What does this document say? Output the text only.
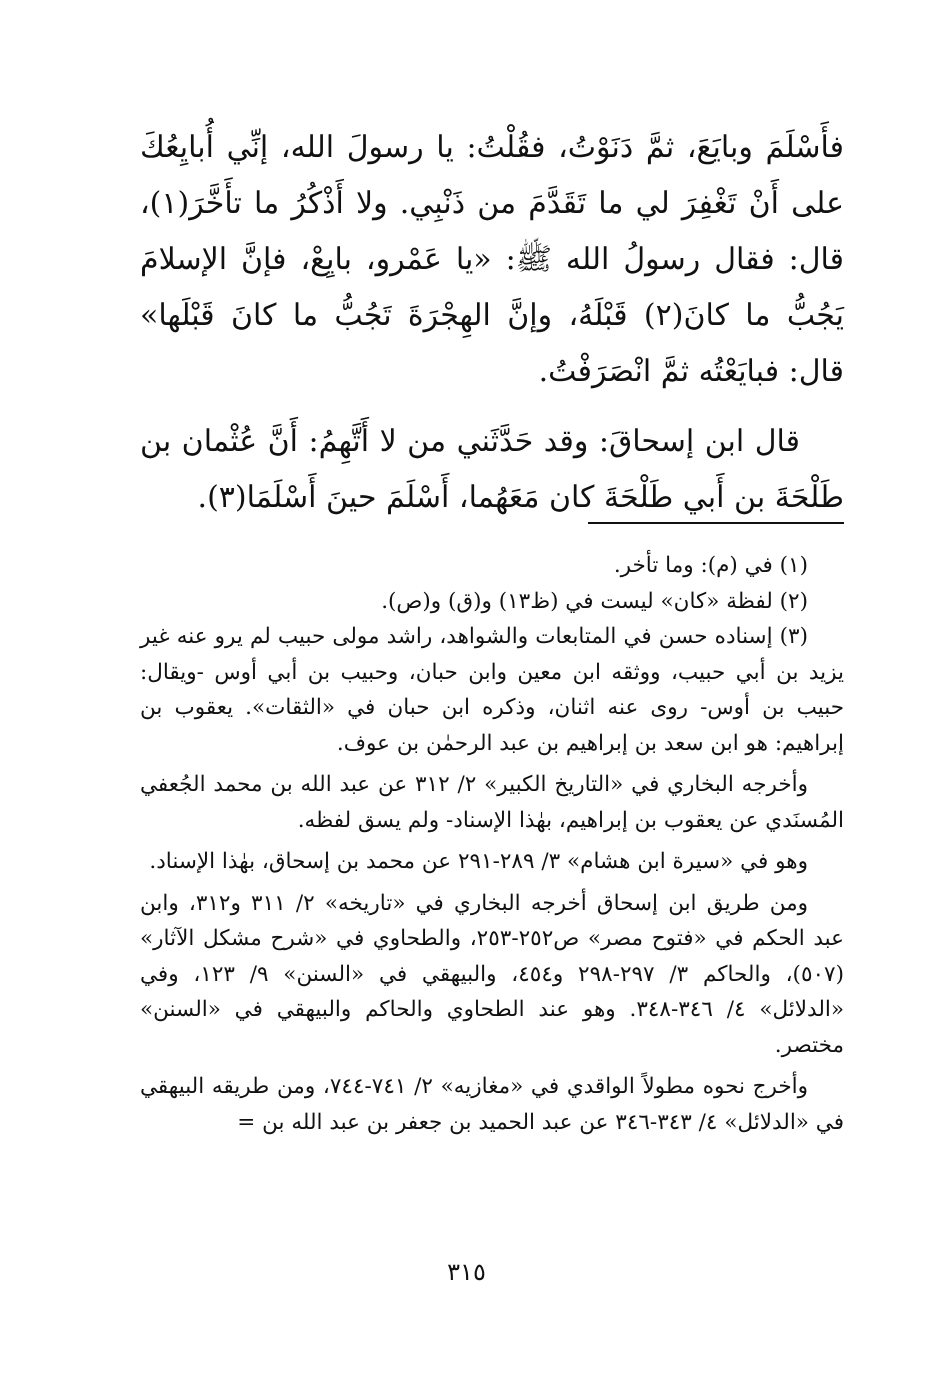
فأَسْلَمَ وبايَعَ، ثمَّ دَنَوْتُ، فقُلْتُ: يا رسولَ الله، إنِّي أُبايِعُكَ على أَنْ تَغْفِرَ لي ما تَقَدَّمَ من ذَنْبِي. ولا أَذْكُرُ ما تأَخَّرَ(١)، قال: فقال رسولُ الله ﷺ: «يا عَمْرو، بايِعْ، فإنَّ الإسلامَ يَجُبُّ ما كانَ(٢) قَبْلَهُ، وإنَّ الهِجْرَةَ تَجُبُّ ما كانَ قَبْلَها» قال: فبايَعْتُه ثمَّ انْصَرَفْتُ.

قال ابن إسحاقَ: وقد حَدَّثَني من لا أَتَّهِمُ: أَنَّ عُثْمان بن طَلْحَةَ بن أَبي طَلْحَةَ كان مَعَهُما، أَسْلَمَ حينَ أَسْلَمَا(٣).

(١) في (م): وما تأخر.

(٢) لفظة «كان» ليست في (ظ١٣) و(ق) و(ص).

(٣) إسناده حسن في المتابعات والشواهد، راشد مولى حبيب لم يرو عنه غير يزيد بن أبي حبيب، ووثقه ابن معين وابن حبان، وحبيب بن أبي أوس -ويقال: حبيب بن أوس- روى عنه اثنان، وذكره ابن حبان في «الثقات». يعقوب بن إبراهيم: هو ابن سعد بن إبراهيم بن عبد الرحمٰن بن عوف.

وأخرجه البخاري في «التاريخ الكبير» ٢/ ٣١٢ عن عبد الله بن محمد الجُعفي المُسنَدي عن يعقوب بن إبراهيم، بهٰذا الإسناد- ولم يسق لفظه.

وهو في «سيرة ابن هشام» ٣/ ٢٨٩-٢٩١ عن محمد بن إسحاق، بهٰذا الإسناد.

ومن طريق ابن إسحاق أخرجه البخاري في «تاريخه» ٢/ ٣١١ و٣١٢، وابن عبد الحكم في «فتوح مصر» ص٢٥٢-٢٥٣، والطحاوي في «شرح مشكل الآثار» (٥٠٧)، والحاكم ٣/ ٢٩٧-٢٩٨ و٤٥٤، والبيهقي في «السنن» ٩/ ١٢٣، وفي «الدلائل» ٤/ ٣٤٦-٣٤٨. وهو عند الطحاوي والحاكم والبيهقي في «السنن» مختصر.

وأخرج نحوه مطولاً الواقدي في «مغازيه» ٢/ ٧٤١-٧٤٤، ومن طريقه البيهقي في «الدلائل» ٤/ ٣٤٣-٣٤٦ عن عبد الحميد بن جعفر بن عبد الله بن =

٣١٥
